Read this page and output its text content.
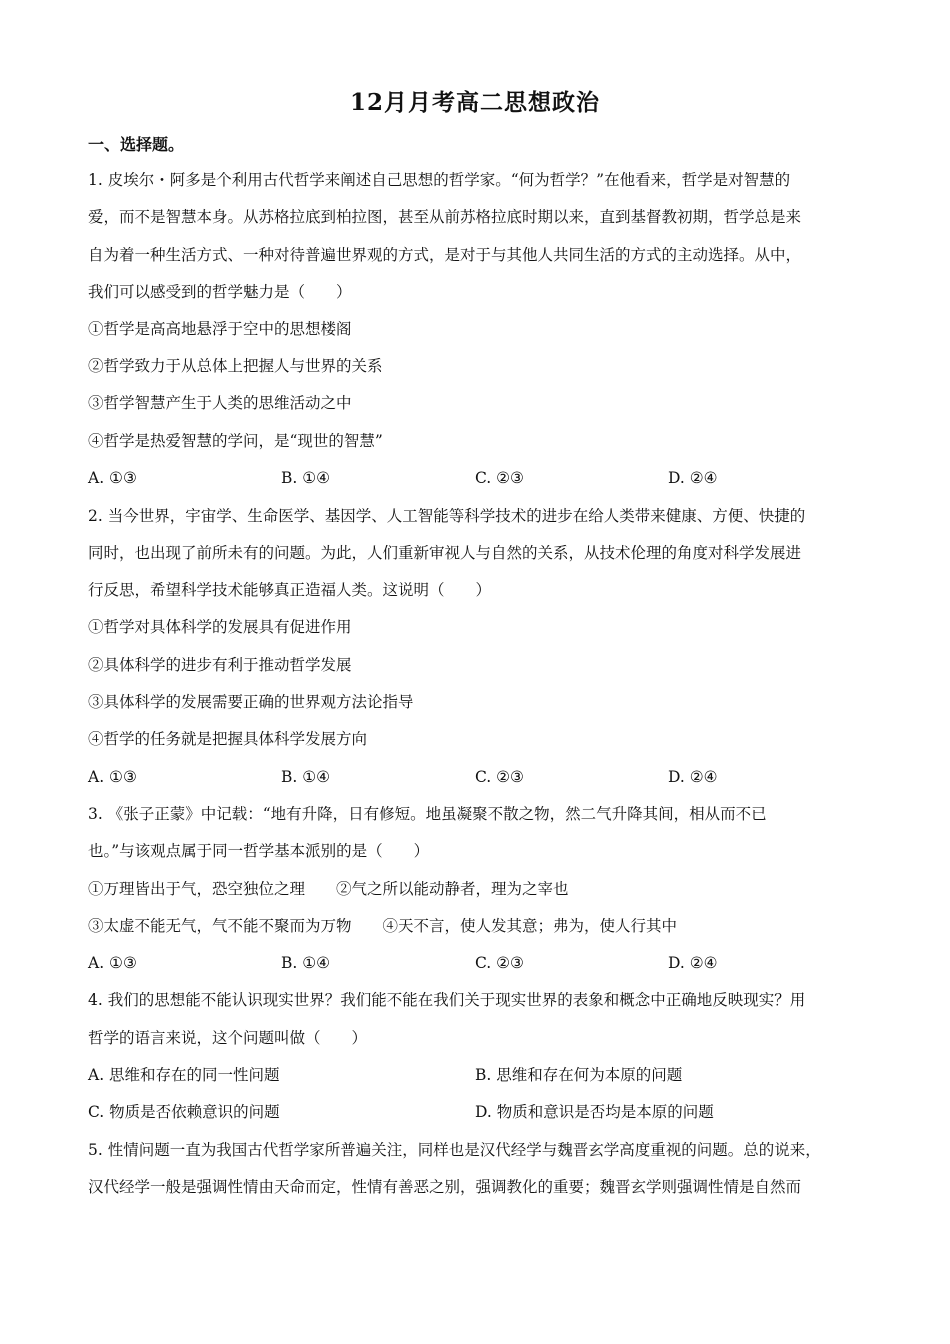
12月月考高二思想政治
一、选择题。
1. 皮埃尔・阿多是个利用古代哲学来阐述自己思想的哲学家。“何为哲学？”在他看来，哲学是对智慧的
爱，而不是智慧本身。从苏格拉底到柏拉图，甚至从前苏格拉底时期以来，直到基督教初期，哲学总是来
自为着一种生活方式、一种对待普遍世界观的方式，是对于与其他人共同生活的方式的主动选择。从中，
我们可以感受到的哲学魅力是（　　）
①哲学是高高地悬浮于空中的思想楼阁
②哲学致力于从总体上把握人与世界的关系
③哲学智慧产生于人类的思维活动之中
④哲学是热爱智慧的学问，是“现世的智慧”
A. ①③	B. ①④	C. ②③	D. ②④
2. 当今世界，宇宙学、生命医学、基因学、人工智能等科学技术的进步在给人类带来健康、方便、快捷的
同时，也出现了前所未有的问题。为此，人们重新审视人与自然的关系，从技术伦理的角度对科学发展进
行反思，希望科学技术能够真正造福人类。这说明（　　）
①哲学对具体科学的发展具有促进作用
②具体科学的进步有利于推动哲学发展
③具体科学的发展需要正确的世界观方法论指导
④哲学的任务就是把握具体科学发展方向
A. ①③	B. ①④	C. ②③	D. ②④
3. 《张子正蒙》中记载：“地有升降，日有修短。地虽凝聚不散之物，然二气升降其间，相从而不已
也。”与该观点属于同一哲学基本派别的是（　　）
①万理皆出于气，恐空独位之理　　②气之所以能动静者，理为之宰也
③太虚不能无气，气不能不聚而为万物　　④天不言，使人发其意；弗为，使人行其中
A. ①③	B. ①④	C. ②③	D. ②④
4. 我们的思想能不能认识现实世界？我们能不能在我们关于现实世界的表象和概念中正确地反映现实？用
哲学的语言来说，这个问题叫做（　　）
A. 思维和存在的同一性问题	B. 思维和存在何为本原的问题
C. 物质是否依赖意识的问题	D. 物质和意识是否均是本原的问题
5. 性情问题一直为我国古代哲学家所普遍关注，同样也是汉代经学与魏晋玄学高度重视的问题。总的说来，
汉代经学一般是强调性情由天命而定，性情有善恶之别，强调教化的重要；魏晋玄学则强调性情是自然而
